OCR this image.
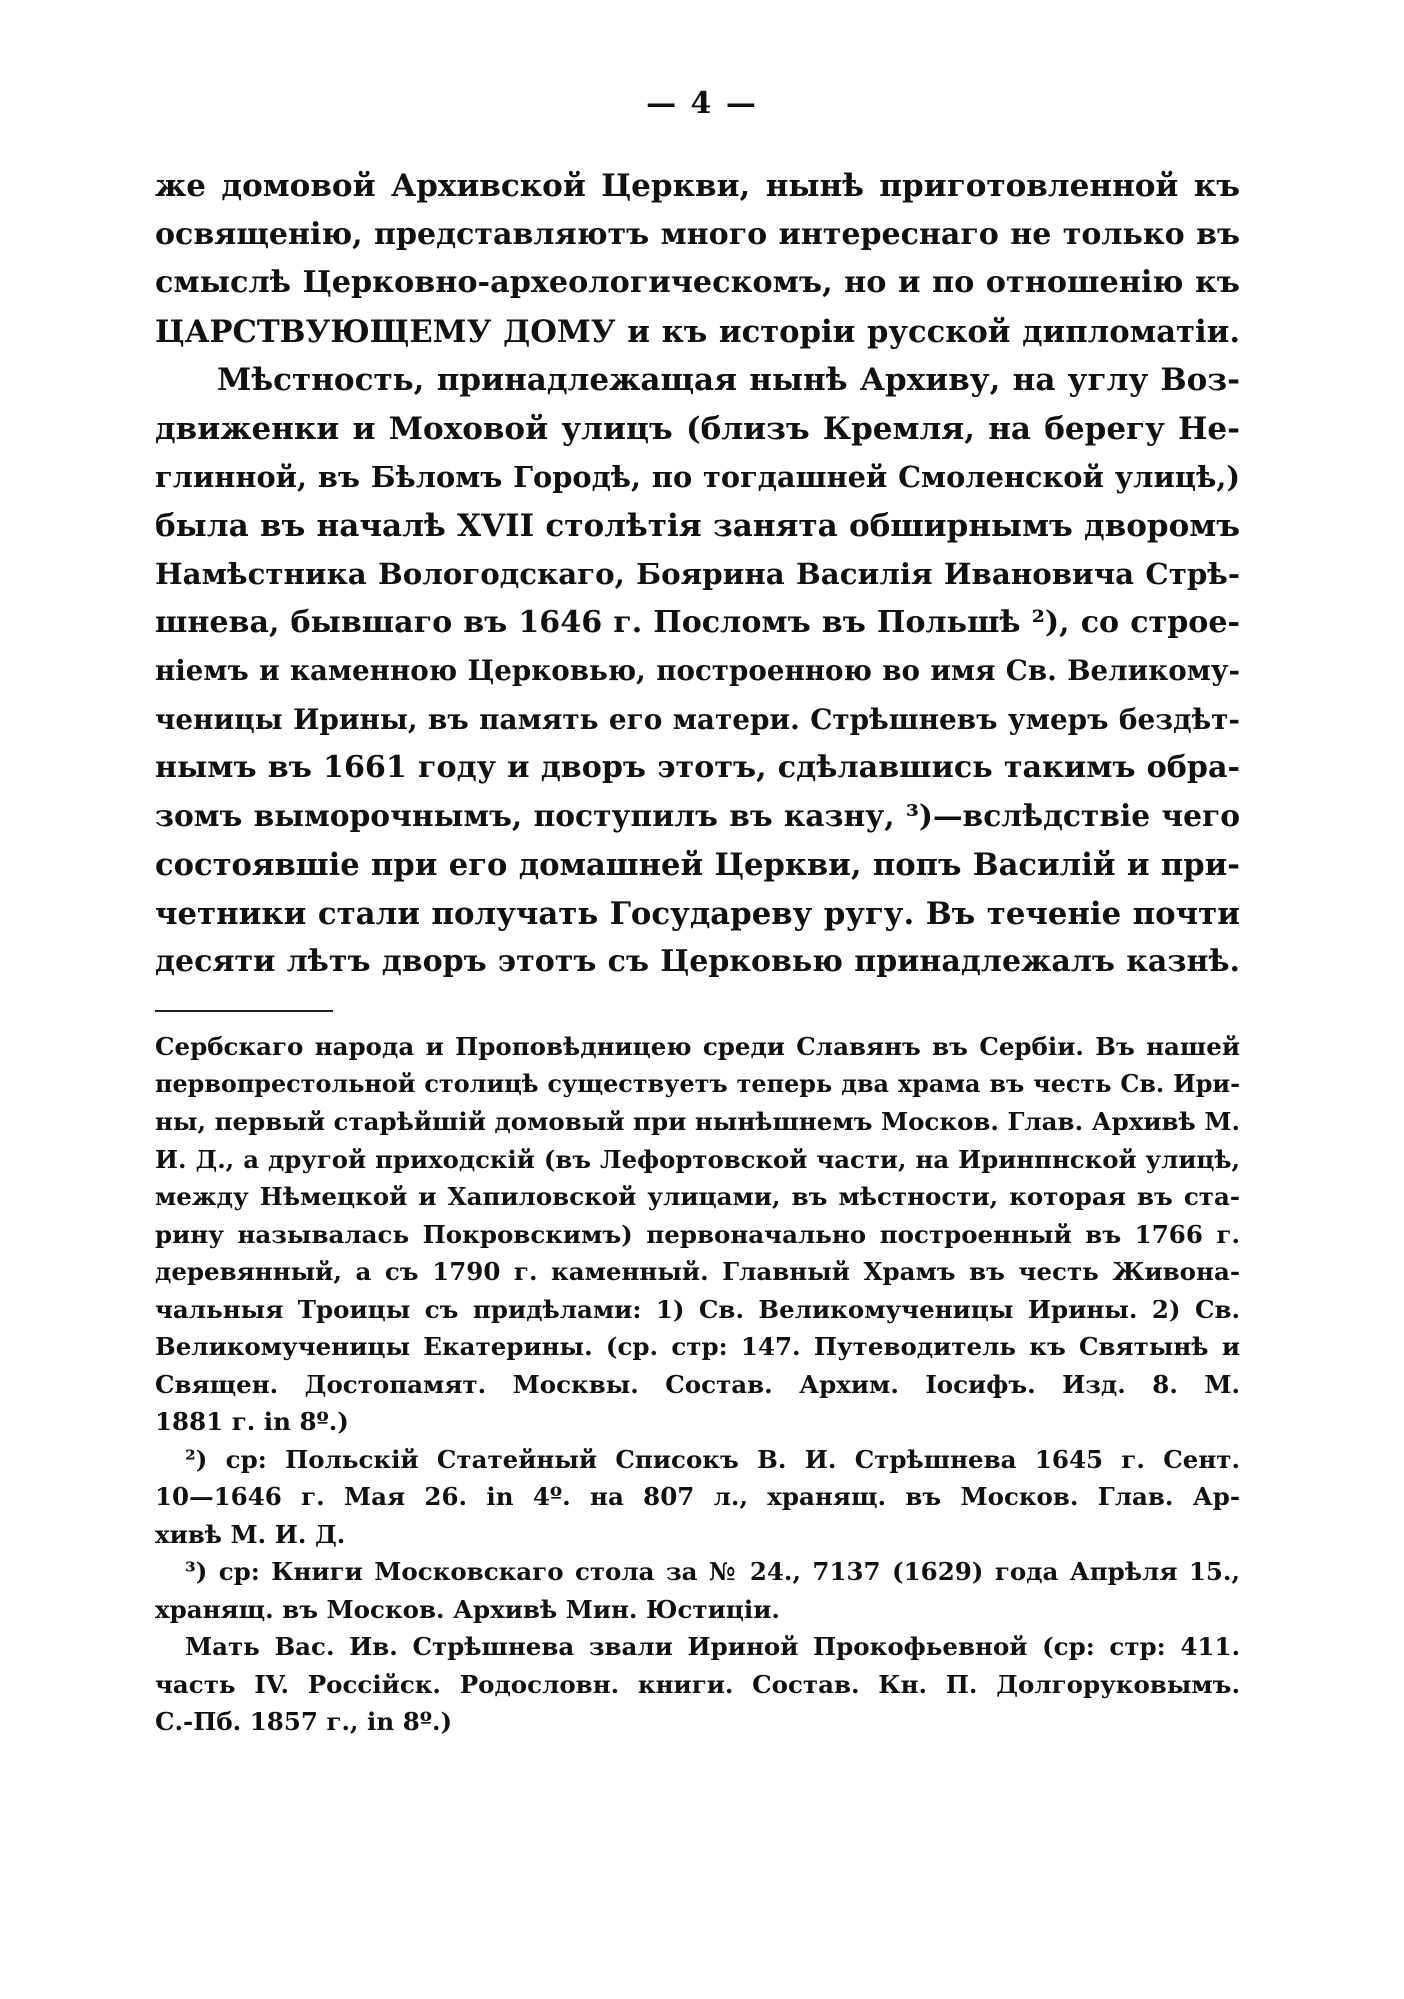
— 4 —
же домовой Архивской Церкви, нынѣ приготовленной къ
освященію, представляютъ много интереснаго не только въ
смыслѣ Церковно-археологическомъ, но и по отношенію къ
ЦАРСТВУЮЩЕМУ ДОМУ и къ исторіи русской дипломатіи.
Мѣстность, принадлежащая нынѣ Архиву, на углу Воз-
движенки и Моховой улицъ (близъ Кремля, на берегу Не-
глинной, въ Бѣломъ Городѣ, по тогдашней Смоленской улицѣ,)
была въ началѣ XVII столѣтія занята обширнымъ дворомъ
Намѣстника Вологодскаго, Боярина Василія Ивановича Стрѣ-
шнева, бывшаго въ 1646 г. Посломъ въ Польшѣ ²), со строе-
ніемъ и каменною Церковью, построенною во имя Св. Великому-
ченицы Ирины, въ память его матери. Стрѣшневъ умеръ бездѣт-
нымъ въ 1661 году и дворъ этотъ, сдѣлавшись такимъ обра-
зомъ выморочнымъ, поступилъ въ казну, ³)—вслѣдствіе чего
состоявшіе при его домашней Церкви, попъ Василій и при-
четники стали получать Государеву ругу. Въ теченіе почти
десяти лѣтъ дворъ этотъ съ Церковью принадлежалъ казнѣ.
Сербскаго народа и Проповѣдницею среди Славянъ въ Сербіи. Въ нашей
первопрестольной столицѣ существуетъ теперь два храма въ честь Св. Ири-
ны, первый старѣйшій домовый при нынѣшнемъ Москов. Глав. Архивѣ М.
И. Д., а другой приходскій (въ Лефортовской части, на Иринпнской улицѣ,
между Нѣмецкой и Хапиловской улицами, въ мѣстности, которая въ ста-
рину называлась Покровскимъ) первоначально построенный въ 1766 г.
деревянный, а съ 1790 г. каменный. Главный Храмъ въ честь Живона-
чальныя Троицы съ придѣлами: 1) Св. Великомученицы Ирины. 2) Св.
Великомученицы Екатерины. (ср. стр: 147. Путеводитель къ Святынѣ и
Священ. Достопамят. Москвы. Состав. Архим. Іосифъ. Изд. 8. М.
1881 г. in 8º.)
²) ср: Польскій Статейный Списокъ В. И. Стрѣшнева 1645 г. Сент.
10—1646 г. Мая 26. in 4º. на 807 л., хранящ. въ Москов. Глав. Ар-
хивѣ М. И. Д.
³) ср: Книги Московскаго стола за № 24., 7137 (1629) года Апрѣля 15.,
хранящ. въ Москов. Архивѣ Мин. Юстиціи.
Мать Вас. Ив. Стрѣшнева звали Ириной Прокофьевной (ср: стр: 411.
часть IV. Россійск. Родословн. книги. Состав. Кн. П. Долгоруковымъ.
С.-Пб. 1857 г., in 8º.)
